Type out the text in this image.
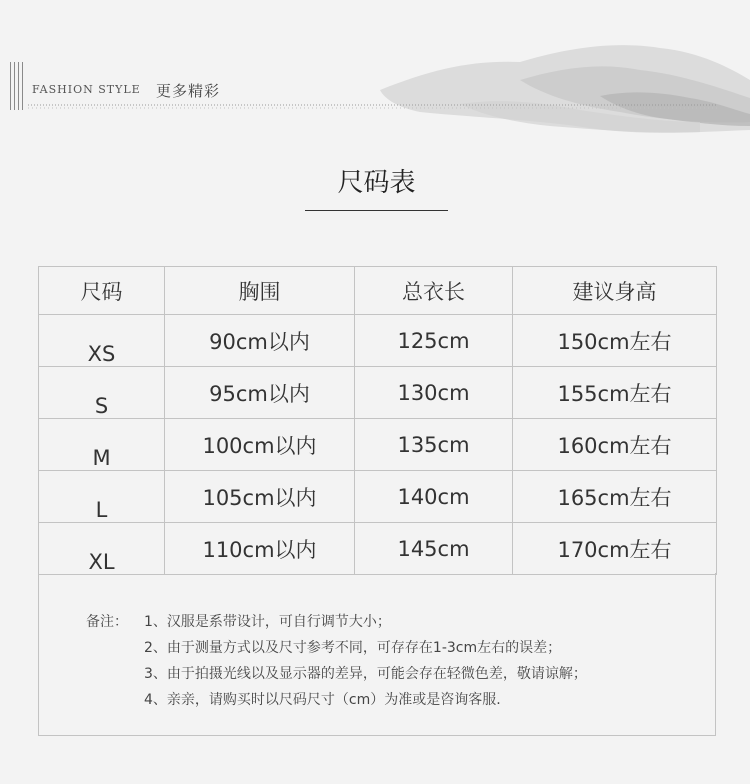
FASHION STYLE 更多精彩
尺码表
尺码	胸围	总衣长	建议身高
XS	90cm以内	125cm	150cm左右
S	95cm以内	130cm	155cm左右
M	100cm以内	135cm	160cm左右
L	105cm以内	140cm	165cm左右
XL	110cm以内	145cm	170cm左右
备注： 1、汉服是系带设计，可自行调节大小；
2、由于测量方式以及尺寸参考不同，可存存在1-3cm左右的误差；
3、由于拍摄光线以及显示器的差异，可能会存在轻微色差，敬请谅解；
4、亲亲，请购买时以尺码尺寸（cm）为准或是咨询客服.
